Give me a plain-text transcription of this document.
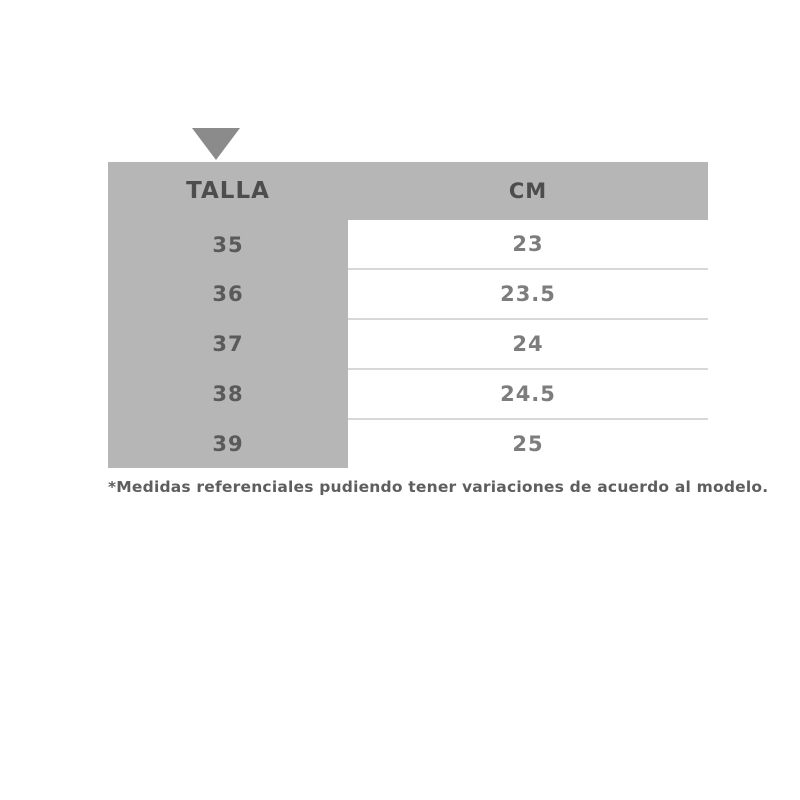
TALLA	CM
35	23
36	23.5
37	24
38	24.5
39	25
*Medidas referenciales pudiendo tener variaciones de acuerdo al modelo.
